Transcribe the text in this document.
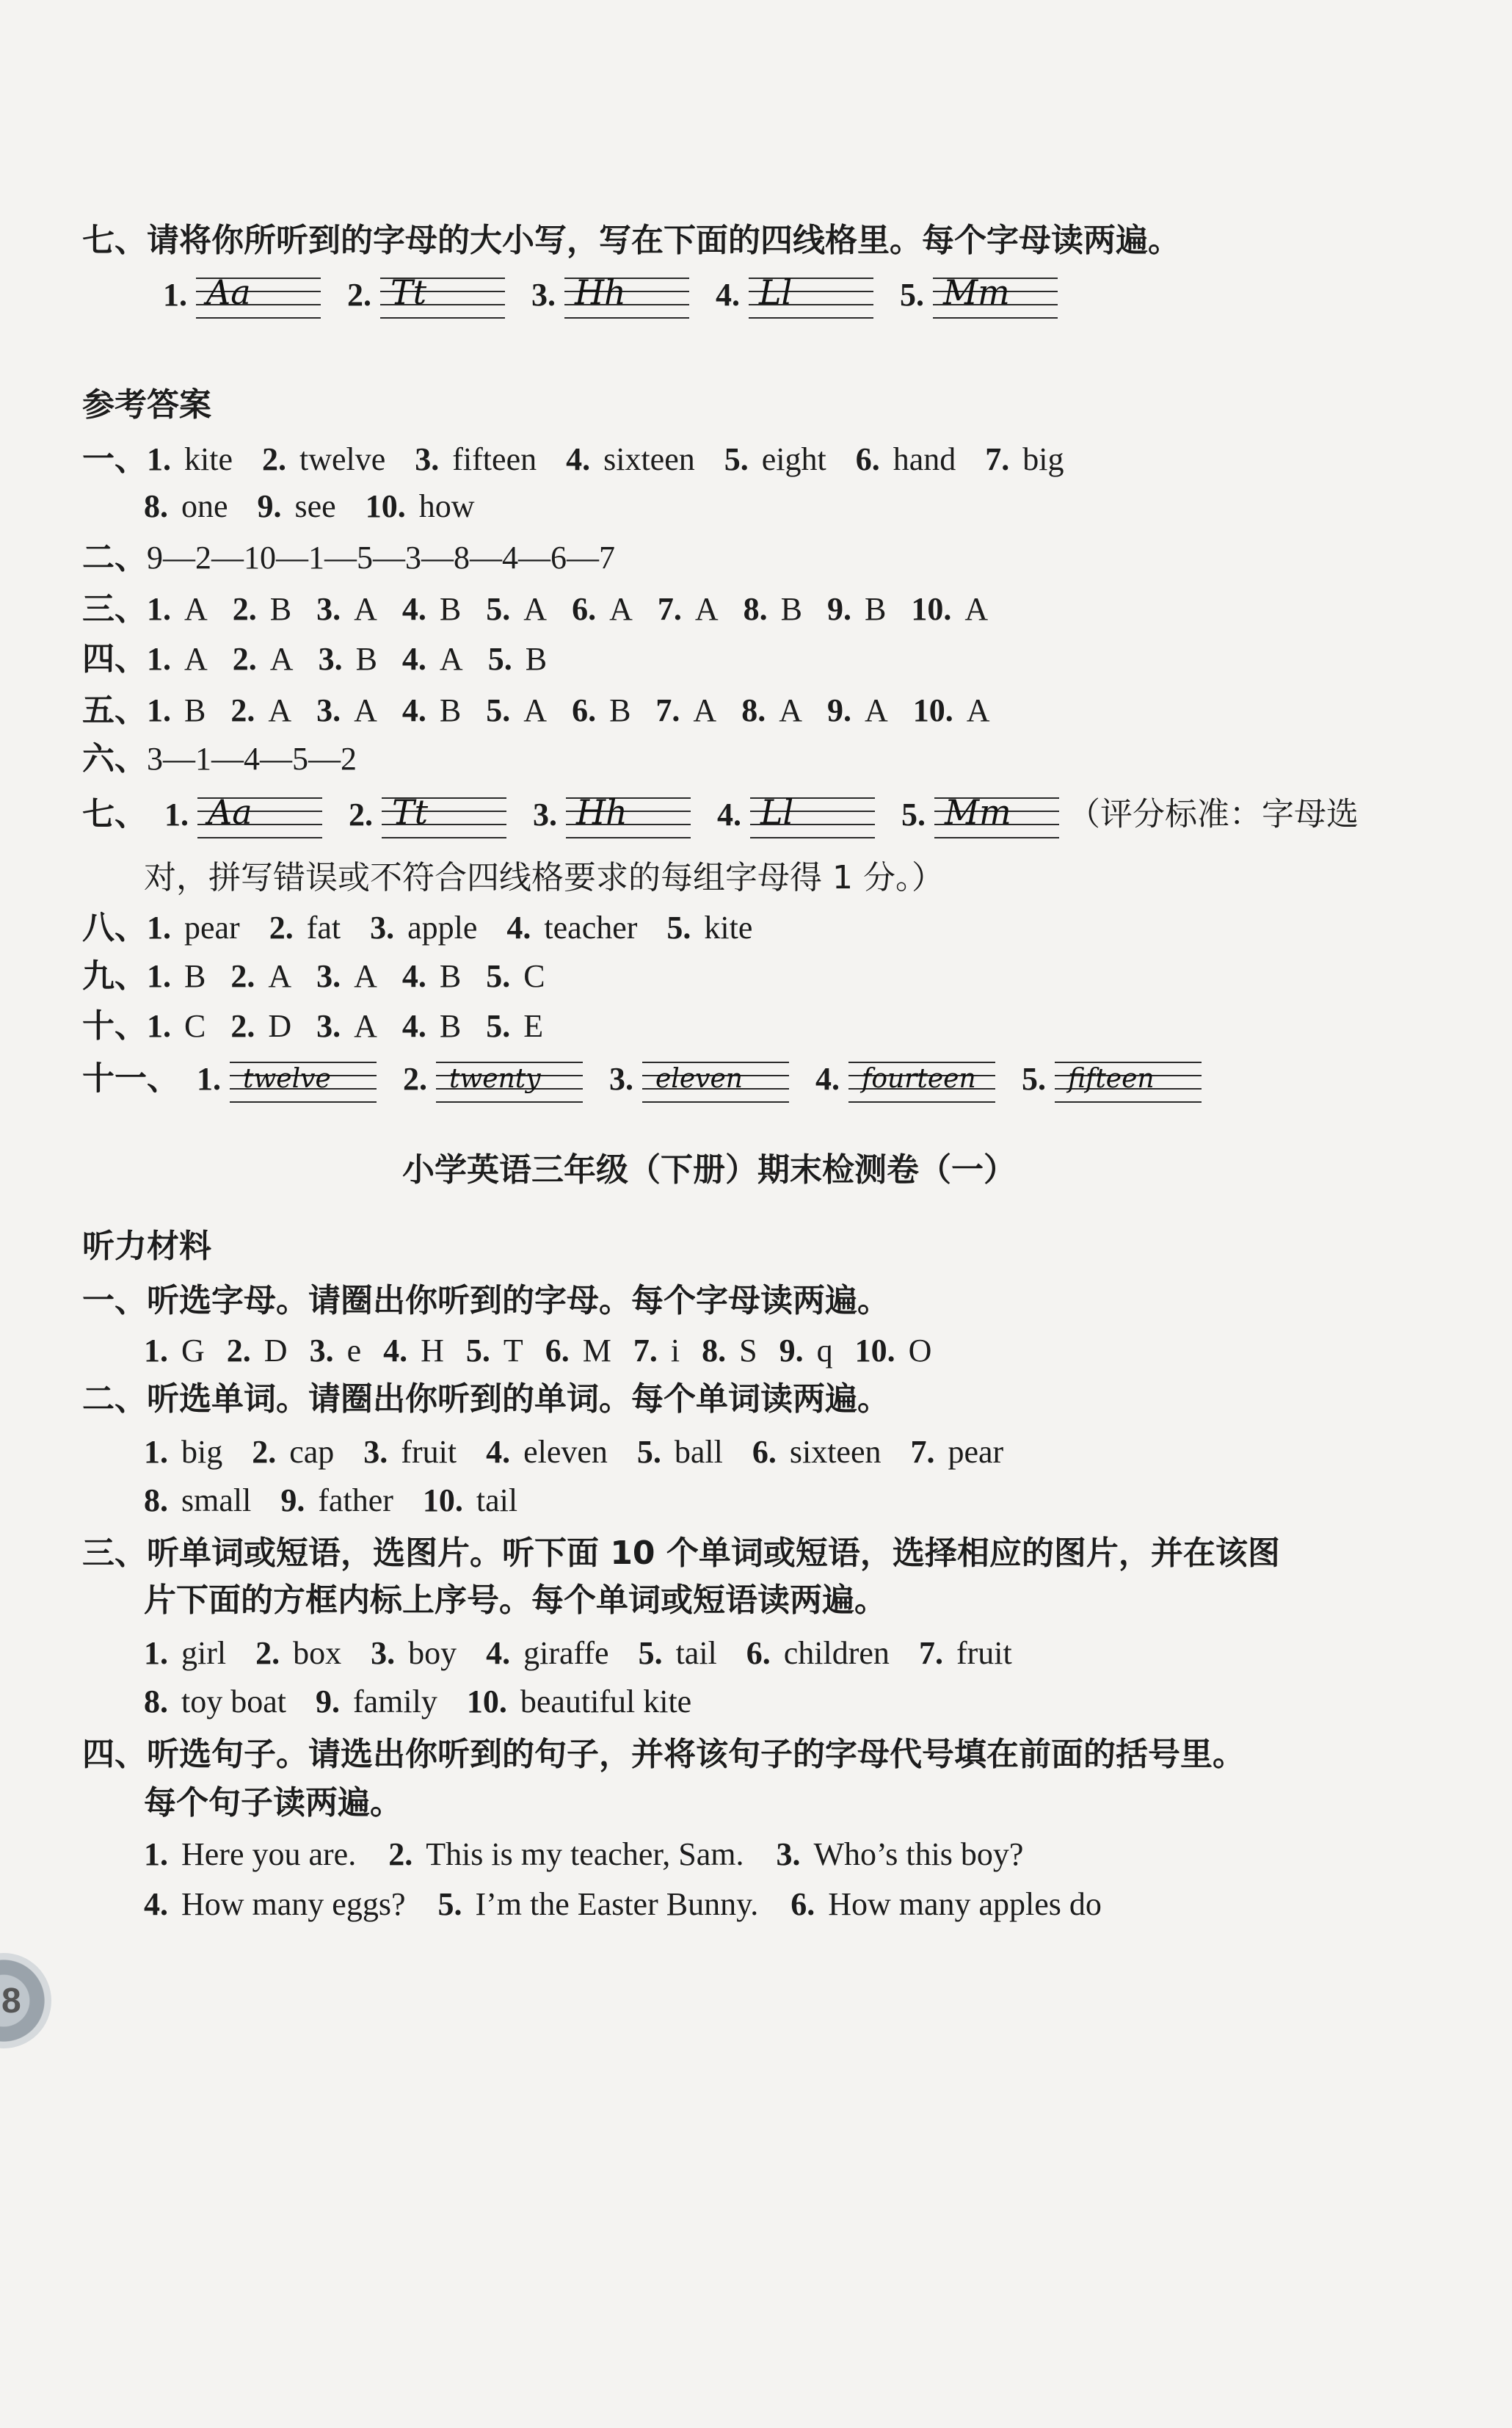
七、请将你所听到的字母的大小写，写在下面的四线格里。每个字母读两遍。
1. Aa	2. Tt	3. Hh	4. Ll	5. Mm
参考答案
一、1. kite 2. twelve 3. fifteen 4. sixteen 5. eight 6. hand 7. big
8. one 9. see 10. how
二、9—2—10—1—5—3—8—4—6—7
三、1. A 2. B 3. A 4. B 5. A 6. A 7. A 8. B 9. B 10. A
四、1. A 2. A 3. B 4. A 5. B
五、1. B 2. A 3. A 4. B 5. A 6. B 7. A 8. A 9. A 10. A
六、3—1—4—5—2
七、 1. Aa	2. Tt	3. Hh	4. Ll	5. Mm （评分标准：字母选
对，拼写错误或不符合四线格要求的每组字母得 1 分。）
八、1. pear 2. fat 3. apple 4. teacher 5. kite
九、1. B 2. A 3. A 4. B 5. C
十、1. C 2. D 3. A 4. B 5. E
十一、 1. twelve 2. twenty 3. eleven 4. fourteen 5. fifteen
小学英语三年级（下册）期末检测卷（一）
听力材料
一、听选字母。请圈出你听到的字母。每个字母读两遍。
1. G 2. D 3. e 4. H 5. T 6. M 7. i 8. S 9. q 10. O
二、听选单词。请圈出你听到的单词。每个单词读两遍。
1. big 2. cap 3. fruit 4. eleven 5. ball 6. sixteen 7. pear
8. small 9. father 10. tail
三、听单词或短语，选图片。听下面 10 个单词或短语，选择相应的图片，并在该图
片下面的方框内标上序号。每个单词或短语读两遍。
1. girl 2. box 3. boy 4. giraffe 5. tail 6. children 7. fruit
8. toy boat 9. family 10. beautiful kite
四、听选句子。请选出你听到的句子，并将该句子的字母代号填在前面的括号里。
每个句子读两遍。
1. Here you are. 2. This is my teacher, Sam. 3. Who’s this boy?
4. How many eggs? 5. I’m the Easter Bunny. 6. How many apples do
8
